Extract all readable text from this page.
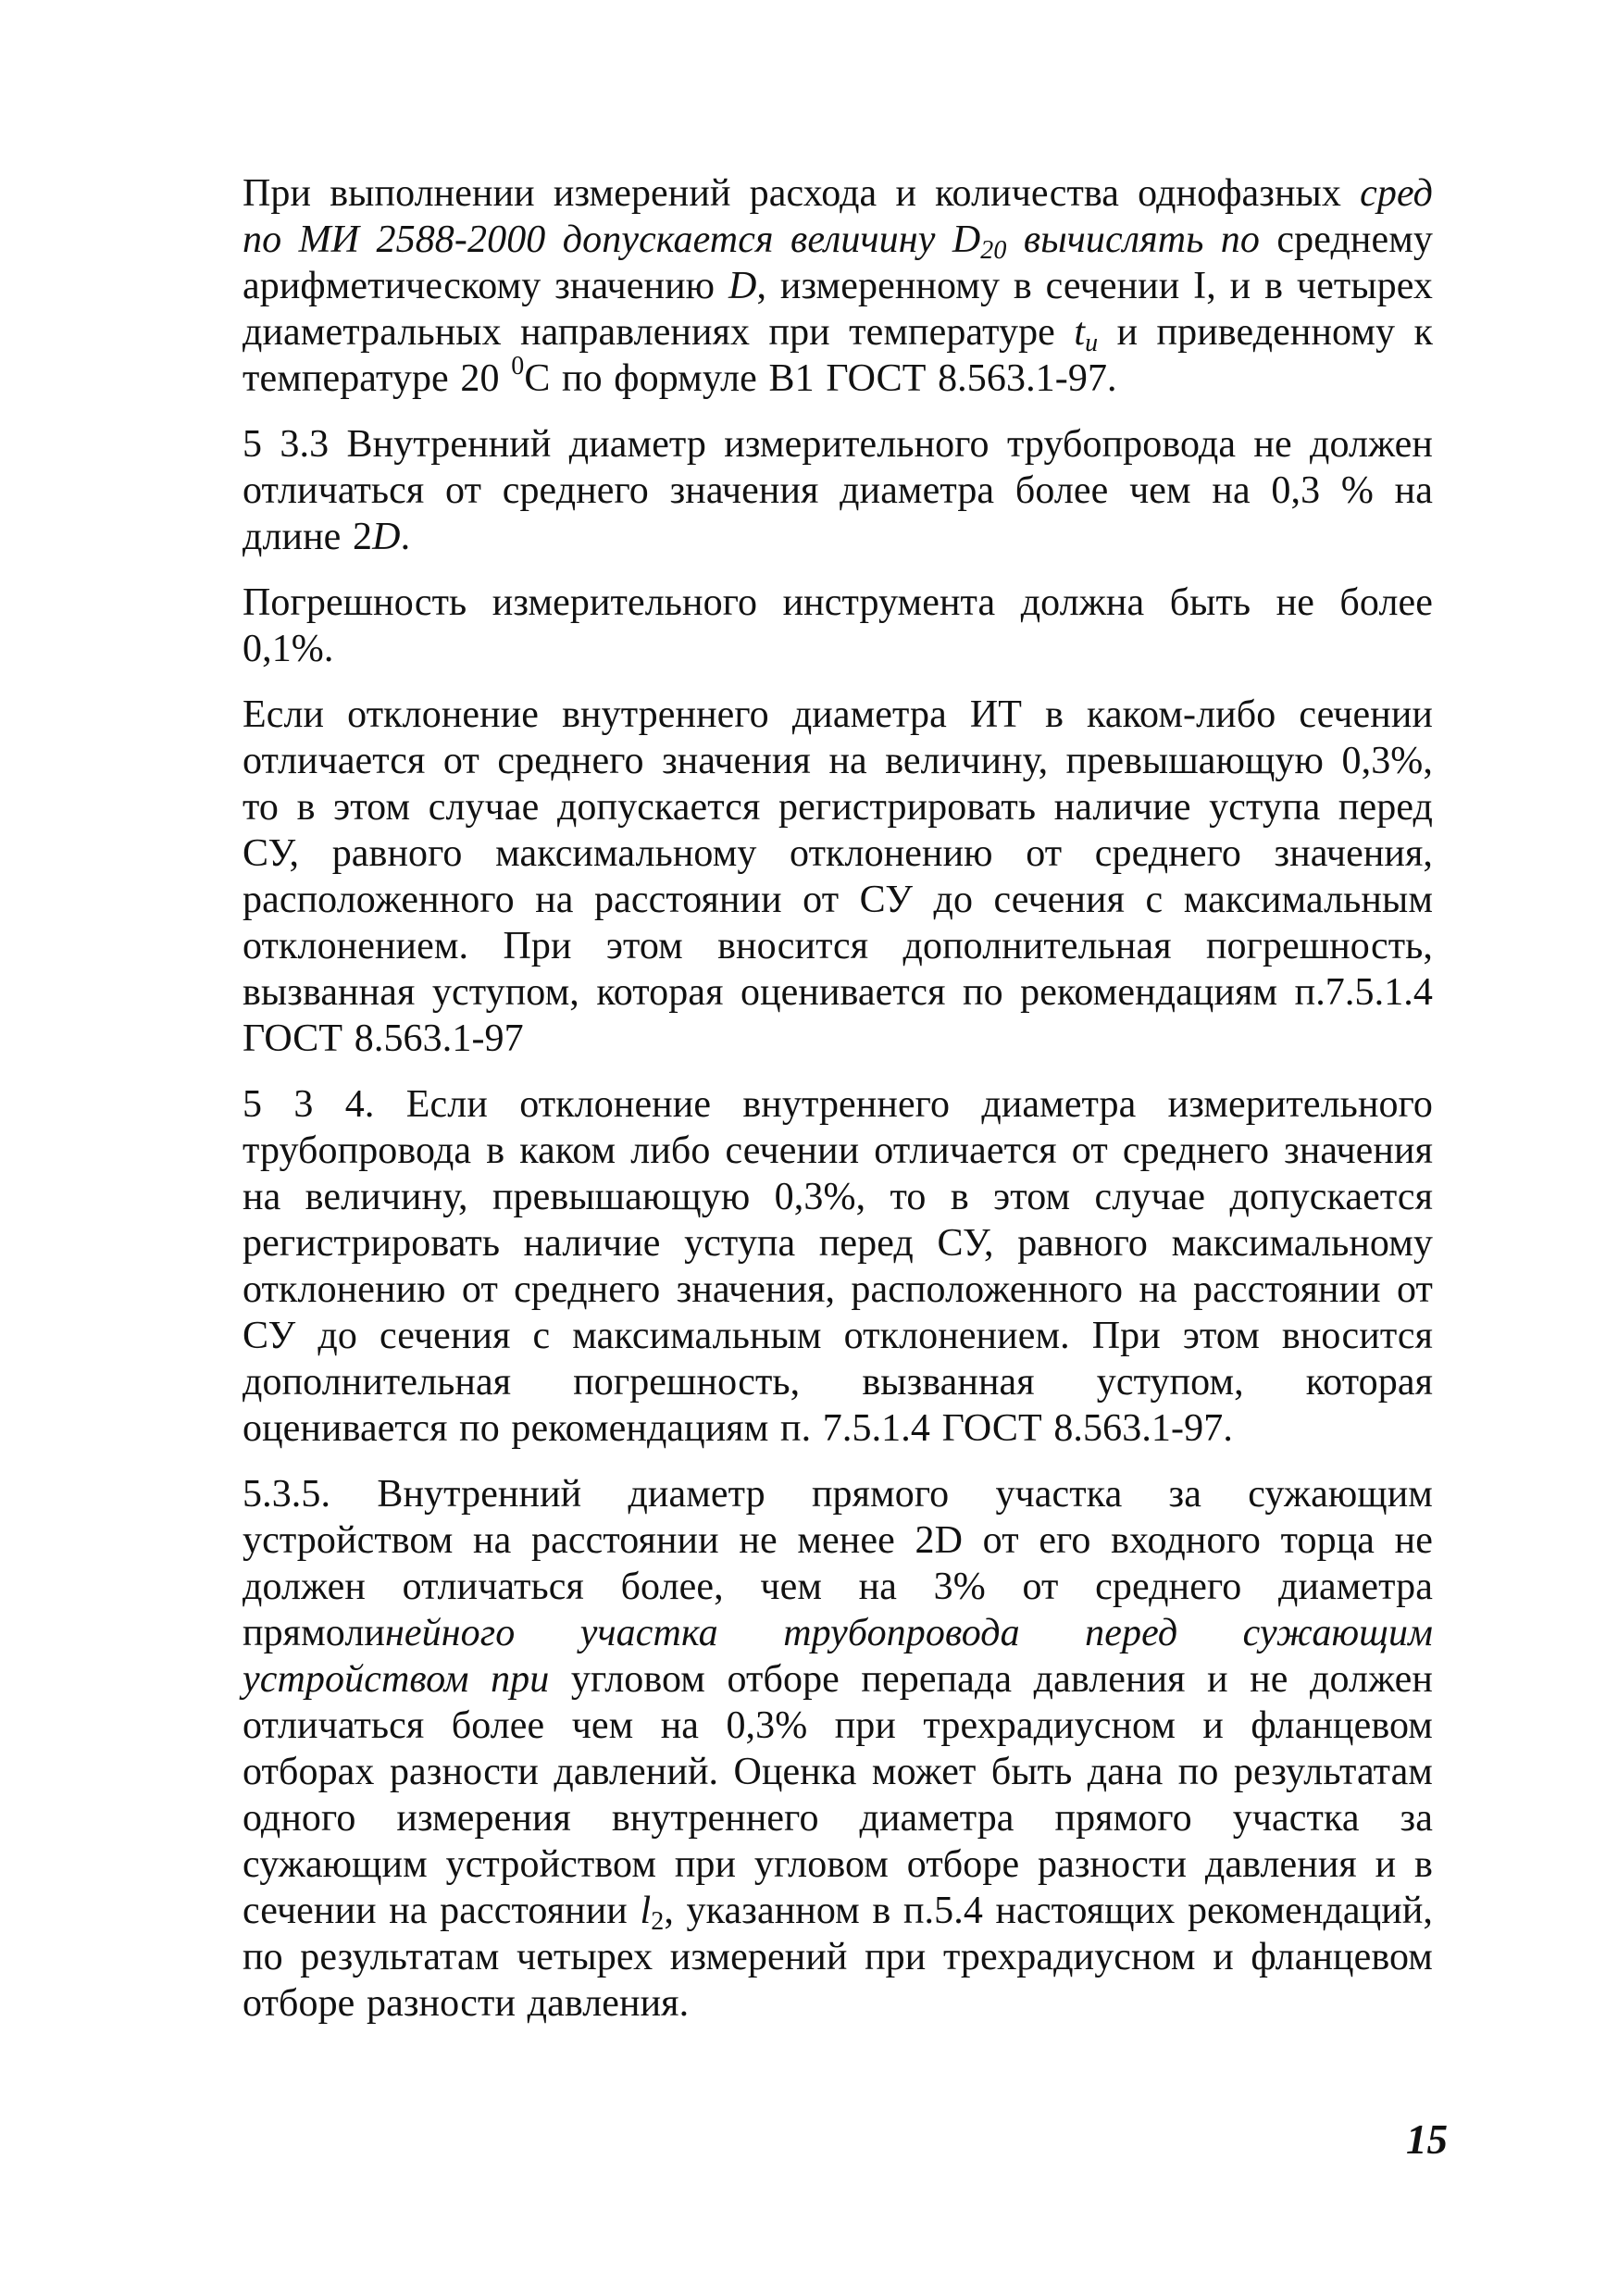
При выполнении измерений расхода и количества однофазных сред по МИ 2588-2000 допускается величину $D_{20}$ вычислять по среднему арифметическому значению D, измеренному в сечении I, и в четырех диаметральных направлениях при температуре $t_и$ и приведенному к температуре 20 $^0$С по формуле В1 ГОСТ 8.563.1-97.

5 3.3 Внутренний диаметр измерительного трубопровода не должен отличаться от среднего значения диаметра более чем на 0,3 % на длине 2D.

Погрешность измерительного инструмента должна быть не более 0,1%.

Если отклонение внутреннего диаметра ИТ в каком-либо сечении отличается от среднего значения на величину, превышающую 0,3%, то в этом случае допускается регистрировать наличие уступа перед СУ, равного максимальному отклонению от среднего значения, расположенного на расстоянии от СУ до сечения с максимальным отклонением. При этом вносится дополнительная погрешность, вызванная уступом, которая оценивается по рекомендациям п.7.5.1.4 ГОСТ 8.563.1-97

5 3 4. Если отклонение внутреннего диаметра измерительного трубопровода в каком либо сечении отличается от среднего значения на величину, превышающую 0,3%, то в этом случае допускается регистрировать наличие уступа перед СУ, равного максимальному отклонению от среднего значения, расположенного на расстоянии от СУ до сечения с максимальным отклонением. При этом вносится дополнительная погрешность, вызванная уступом, которая оценивается по рекомендациям п. 7.5.1.4 ГОСТ 8.563.1-97.

5.3.5. Внутренний диаметр прямого участка за сужающим устройством на расстоянии не менее 2D от его входного торца не должен отличаться более, чем на 3% от среднего диаметра прямолинейного участка трубопровода перед сужающим устройством при угловом отборе перепада давления и не должен отличаться более чем на 0,3% при трехрадиусном и фланцевом отборах разности давлений. Оценка может быть дана по результатам одного измерения внутреннего диаметра прямого участка за сужающим устройством при угловом отборе разности давления и в сечении на расстоянии $l_2$, указанном в п.5.4 настоящих рекомендаций, по результатам четырех измерений при трехрадиусном и фланцевом отборе разности давления.

15
